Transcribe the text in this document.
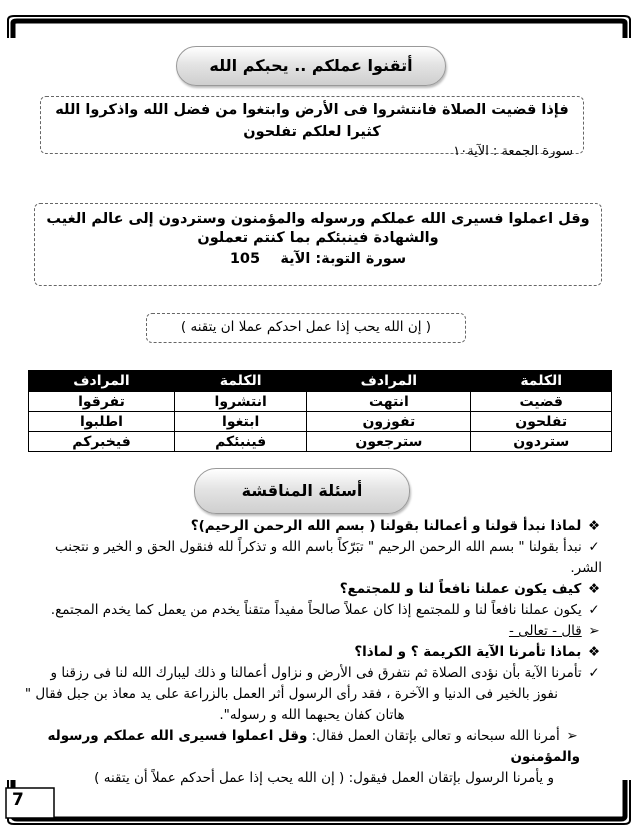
7
أتقنوا عملكم .. يحبكم الله
فإذا قضيت الصلاة فانتشروا فى الأرض وابتغوا من فضل الله واذكروا الله كثيرا لعلكم تفلحون
سورة الجمعة : الآية١٠
وقل اعملوا فسيرى الله عملكم ورسوله والمؤمنون وستردون إلى عالم الغيب والشهادة فينبئكم بما كنتم تعملون
سورة التوبة: الآية    105
( إن الله يحب إذا عمل احدكم عملا ان يتقنه )
الكلمة	المرادف	الكلمة	المرادف
قضيت	انتهت	انتشروا	تفرقوا
تفلحون	تفوزون	ابتغوا	اطلبوا
ستردون	سترجعون	فينبئكم	فيخبركم
أسئلة المناقشة

❖ لماذا نبدأ قولنا و أعمالنا بقولنا ( بسم الله الرحمن الرحيم)؟

✓ نبدأ بقولنا " بسم الله الرحمن الرحيم " تبَرّكاً باسم الله و تذكراً لله فنقول الحق و الخير و نتجنب الشر.

❖ كيف يكون عملنا نافعاً لنا و للمجتمع؟

✓ يكون عملنا نافعاً لنا و للمجتمع إذا كان عملاً صالحاً مفيداً متقناً يخدم من يعمل كما يخدم المجتمع.

➢ قال - تعالى -

❖ بماذا تأمرنا الآية الكريمة ؟ و لماذا؟

✓ تأمرنا الآية بأن نؤدى الصلاة ثم نتفرق فى الأرض و نزاول أعمالنا و ذلك ليبارك الله لنا فى رزقنا و

نفوز بالخير فى الدنيا و الآخرة ، فقد رأى الرسول أثر العمل بالزراعة على يد معاذ بن جبل فقال "

هاتان كفان يحبهما الله و رسوله".

➢ أمرنا الله سبحانه و تعالى بإتقان العمل فقال: وقل اعملوا فسيرى الله عملكم ورسوله والمؤمنون

و يأمرنا الرسول بإتقان العمل فيقول: ( إن الله يحب إذا عمل أحدكم عملاً أن يتقنه )
